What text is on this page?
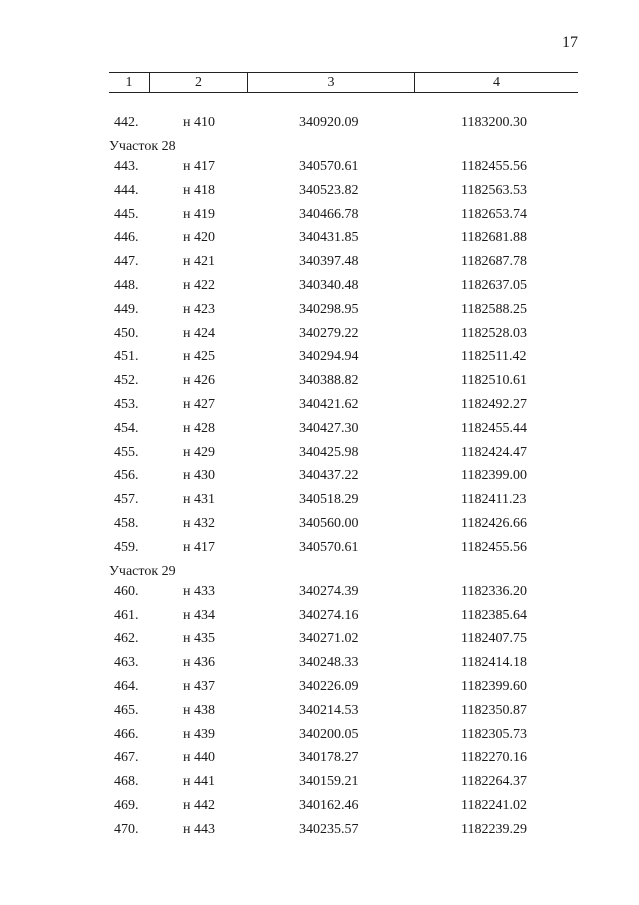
17
1	2	3	4
442.	н 410	340920.09	1183200.30
Участок 28
443.	н 417	340570.61	1182455.56
444.	н 418	340523.82	1182563.53
445.	н 419	340466.78	1182653.74
446.	н 420	340431.85	1182681.88
447.	н 421	340397.48	1182687.78
448.	н 422	340340.48	1182637.05
449.	н 423	340298.95	1182588.25
450.	н 424	340279.22	1182528.03
451.	н 425	340294.94	1182511.42
452.	н 426	340388.82	1182510.61
453.	н 427	340421.62	1182492.27
454.	н 428	340427.30	1182455.44
455.	н 429	340425.98	1182424.47
456.	н 430	340437.22	1182399.00
457.	н 431	340518.29	1182411.23
458.	н 432	340560.00	1182426.66
459.	н 417	340570.61	1182455.56
Участок 29
460.	н 433	340274.39	1182336.20
461.	н 434	340274.16	1182385.64
462.	н 435	340271.02	1182407.75
463.	н 436	340248.33	1182414.18
464.	н 437	340226.09	1182399.60
465.	н 438	340214.53	1182350.87
466.	н 439	340200.05	1182305.73
467.	н 440	340178.27	1182270.16
468.	н 441	340159.21	1182264.37
469.	н 442	340162.46	1182241.02
470.	н 443	340235.57	1182239.29
